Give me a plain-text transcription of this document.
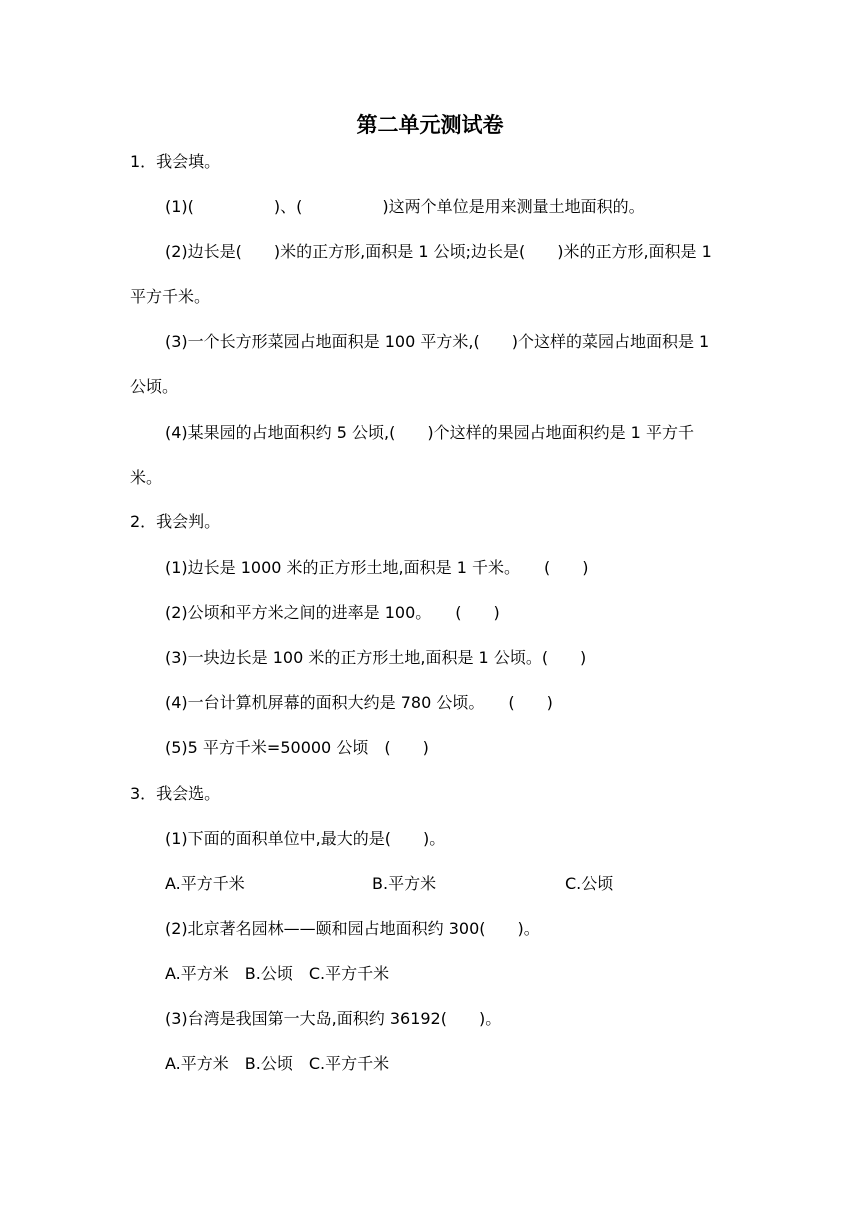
第二单元测试卷
1．我会填。
(1)(　　　　　)、(　　　　　)这两个单位是用来测量土地面积的。
(2)边长是(　　)米的正方形,面积是 1 公顷;边长是(　　)米的正方形,面积是 1
平方千米。
(3)一个长方形菜园占地面积是 100 平方米,(　　)个这样的菜园占地面积是 1
公顷。
(4)某果园的占地面积约 5 公顷,(　　)个这样的果园占地面积约是 1 平方千
米。
2．我会判。
(1)边长是 1000 米的正方形土地,面积是 1 千米。　　(　　)
(2)公顷和平方米之间的进率是 100。　　(　　)
(3)一块边长是 100 米的正方形土地,面积是 1 公顷。(　　)
(4)一台计算机屏幕的面积大约是 780 公顷。　　(　　)
(5)5 平方千米=50000 公顷　(　　)
3．我会选。
(1)下面的面积单位中,最大的是(　　)。
A.平方千米	B.平方米	C.公顷
(2)北京著名园林——颐和园占地面积约 300(　　)。
A.平方米　B.公顷　C.平方千米
(3)台湾是我国第一大岛,面积约 36192(　　)。
A.平方米　B.公顷　C.平方千米
